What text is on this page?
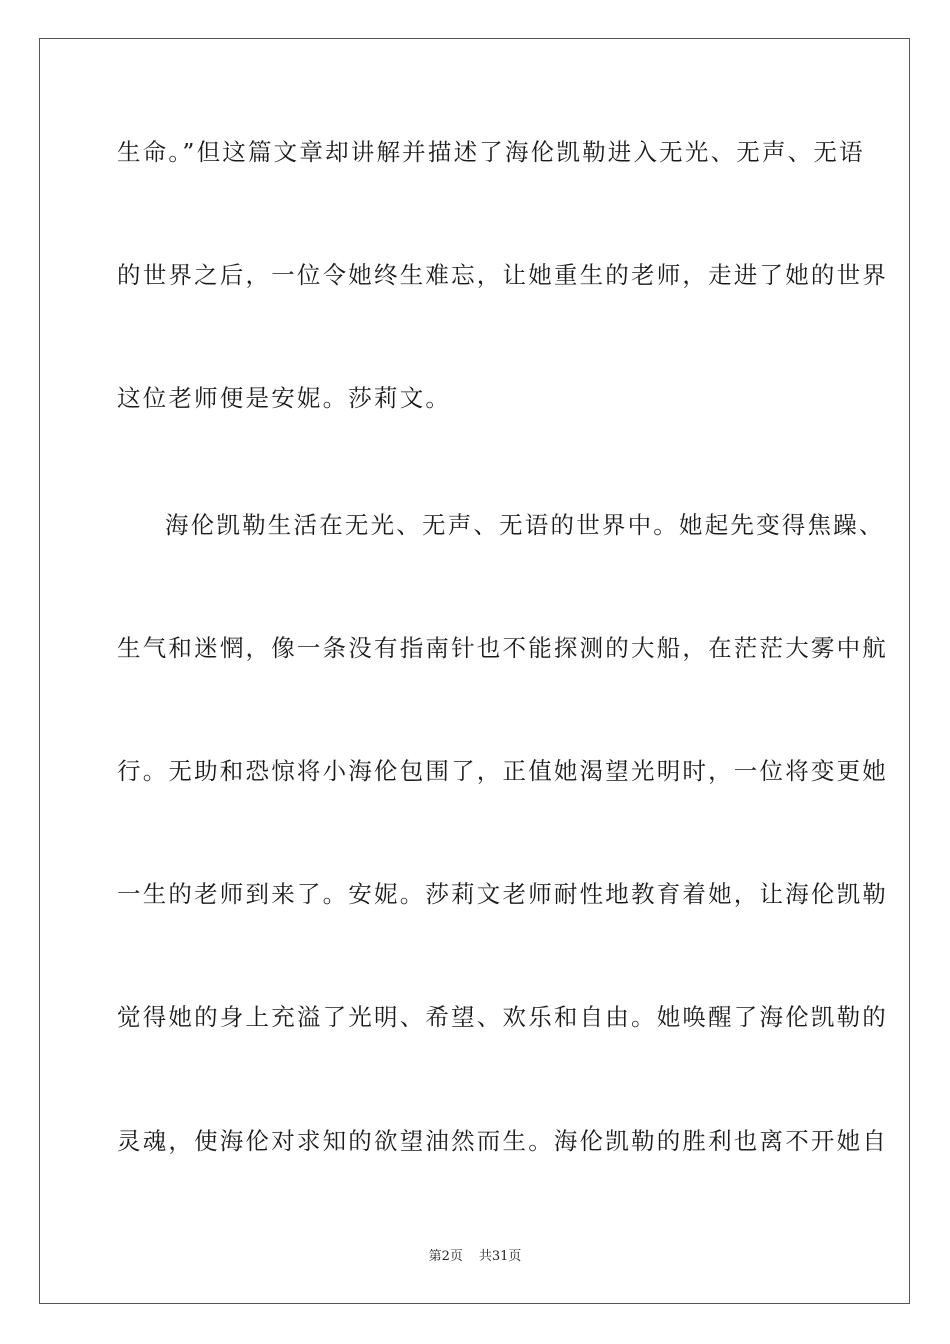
生命。”但这篇文章却讲解并描述了海伦凯勒进入无光、无声、无语
的世界之后，一位令她终生难忘，让她重生的老师，走进了她的世界
这位老师便是安妮。莎莉文。
海伦凯勒生活在无光、无声、无语的世界中。她起先变得焦躁、
生气和迷惘，像一条没有指南针也不能探测的大船，在茫茫大雾中航
行。无助和恐惊将小海伦包围了，正值她渴望光明时，一位将变更她
一生的老师到来了。安妮。莎莉文老师耐性地教育着她，让海伦凯勒
觉得她的身上充溢了光明、希望、欢乐和自由。她唤醒了海伦凯勒的
灵魂，使海伦对求知的欲望油然而生。海伦凯勒的胜利也离不开她自
第2页 共31页
